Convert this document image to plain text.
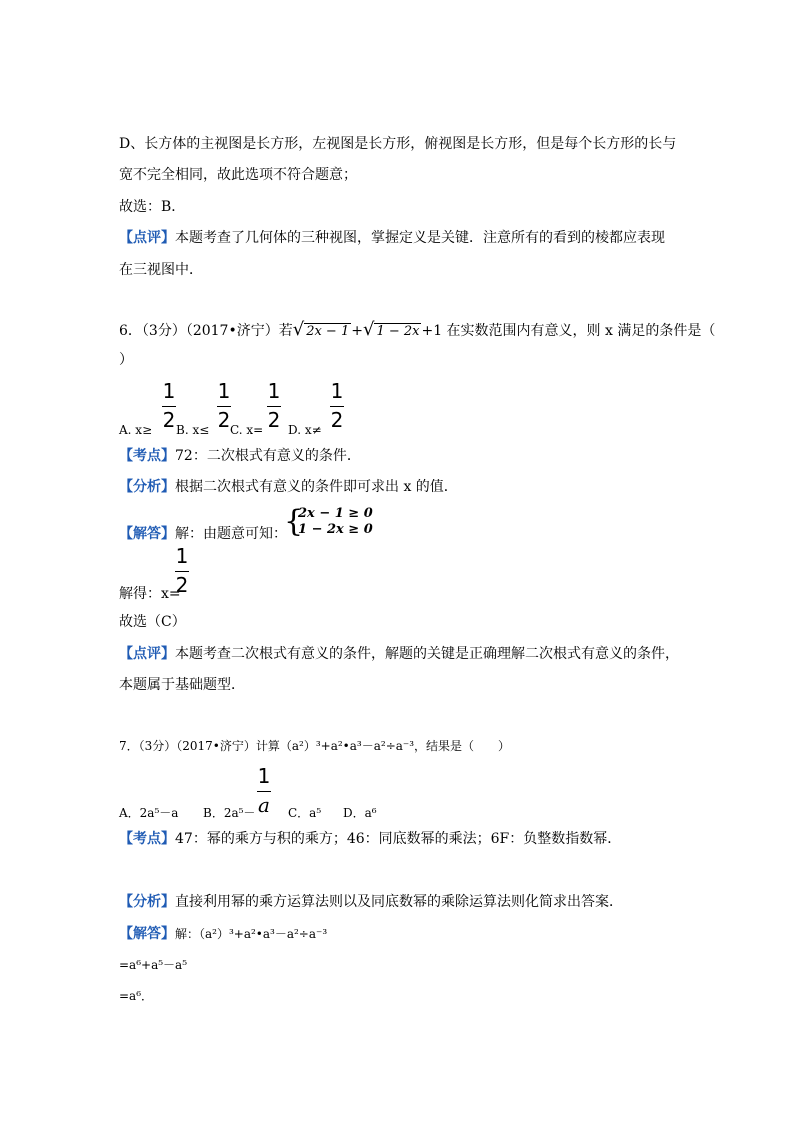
D、长方体的主视图是长方形，左视图是长方形，俯视图是长方形，但是每个长方形的长与
宽不完全相同，故此选项不符合题意；
故选：B．
【点评】本题考查了几何体的三种视图，掌握定义是关键．注意所有的看到的棱都应表现
在三视图中．
6．（3分）（2017•济宁）若√ 2x − 1 +√ 1 − 2x +1 在实数范围内有意义，则 x 满足的条件是（
）
A. x≥
1
2 B. x≤
1
2 C. x=
1
2 D. x≠
1
2
【考点】72：二次根式有意义的条件．
【分析】根据二次根式有意义的条件即可求出 x 的值．
【解答】解：由题意可知：
{
2x − 1 ≥ 0
1 − 2x ≥ 0
解得：x=
1
2
故选（C）
【点评】本题考查二次根式有意义的条件，解题的关键是正确理解二次根式有意义的条件，
本题属于基础题型．
7．（3分）（2017•济宁）计算（a²）³+a²•a³－a²÷a⁻³，结果是（　　）
A．2a⁵－a B．2a⁵－
1
a C．a⁵ D．a⁶
【考点】47：幂的乘方与积的乘方；46：同底数幂的乘法；6F：负整数指数幂．
【分析】直接利用幂的乘方运算法则以及同底数幂的乘除运算法则化简求出答案．
【解答】解：（a²）³+a²•a³－a²÷a⁻³
=a⁶+a⁵－a⁵
=a⁶．
